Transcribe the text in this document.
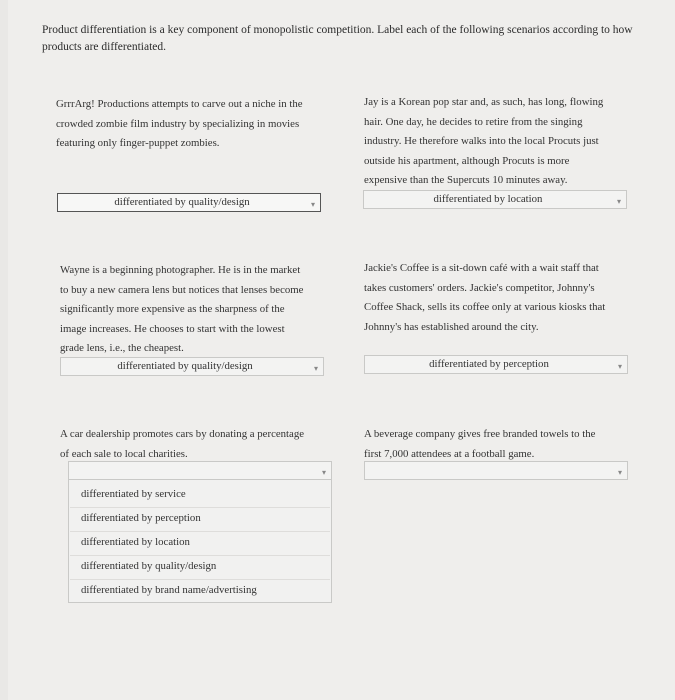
Product differentiation is a key component of monopolistic competition. Label each of the following scenarios according to how products are differentiated.
GrrrArg! Productions attempts to carve out a niche in the
crowded zombie film industry by specializing in movies
featuring only finger-puppet zombies.
differentiated by quality/design	▾
Jay is a Korean pop star and, as such, has long, flowing
hair. One day, he decides to retire from the singing
industry. He therefore walks into the local Procuts just
outside his apartment, although Procuts is more
expensive than the Supercuts 10 minutes away.
differentiated by location	▾
Wayne is a beginning photographer. He is in the market
to buy a new camera lens but notices that lenses become
significantly more expensive as the sharpness of the
image increases. He chooses to start with the lowest
grade lens, i.e., the cheapest.
differentiated by quality/design	▾
Jackie's Coffee is a sit-down café with a wait staff that
takes customers' orders. Jackie's competitor, Johnny's
Coffee Shack, sells its coffee only at various kiosks that
Johnny's has established around the city.
differentiated by perception	▾
A car dealership promotes cars by donating a percentage
of each sale to local charities.
▾
differentiated by service
differentiated by perception
differentiated by location
differentiated by quality/design
differentiated by brand name/advertising
A beverage company gives free branded towels to the
first 7,000 attendees at a football game.
▾
